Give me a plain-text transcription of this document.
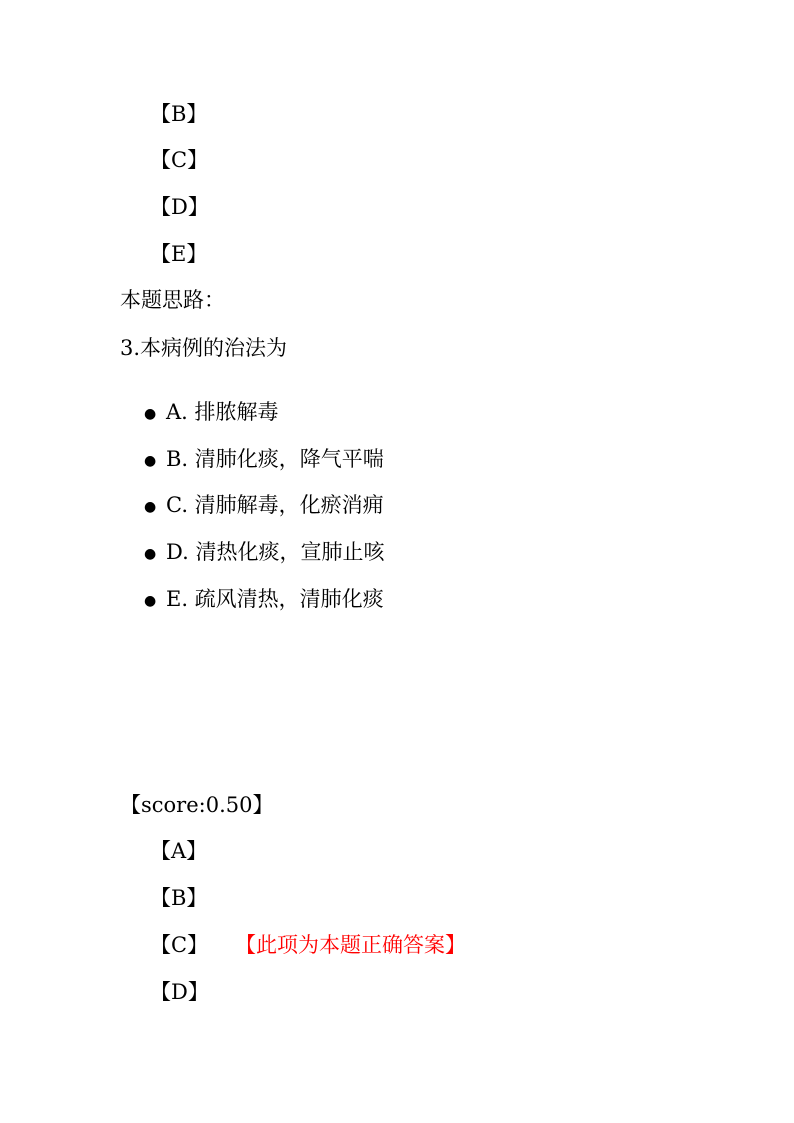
【B】
【C】
【D】
【E】
本题思路：
3.本病例的治法为
● A. 排脓解毒
● B. 清肺化痰，降气平喘
● C. 清肺解毒，化瘀消痈
● D. 清热化痰，宣肺止咳
● E. 疏风清热，清肺化痰
【score:0.50】
【A】
【B】
【C】 【此项为本题正确答案】
【D】
